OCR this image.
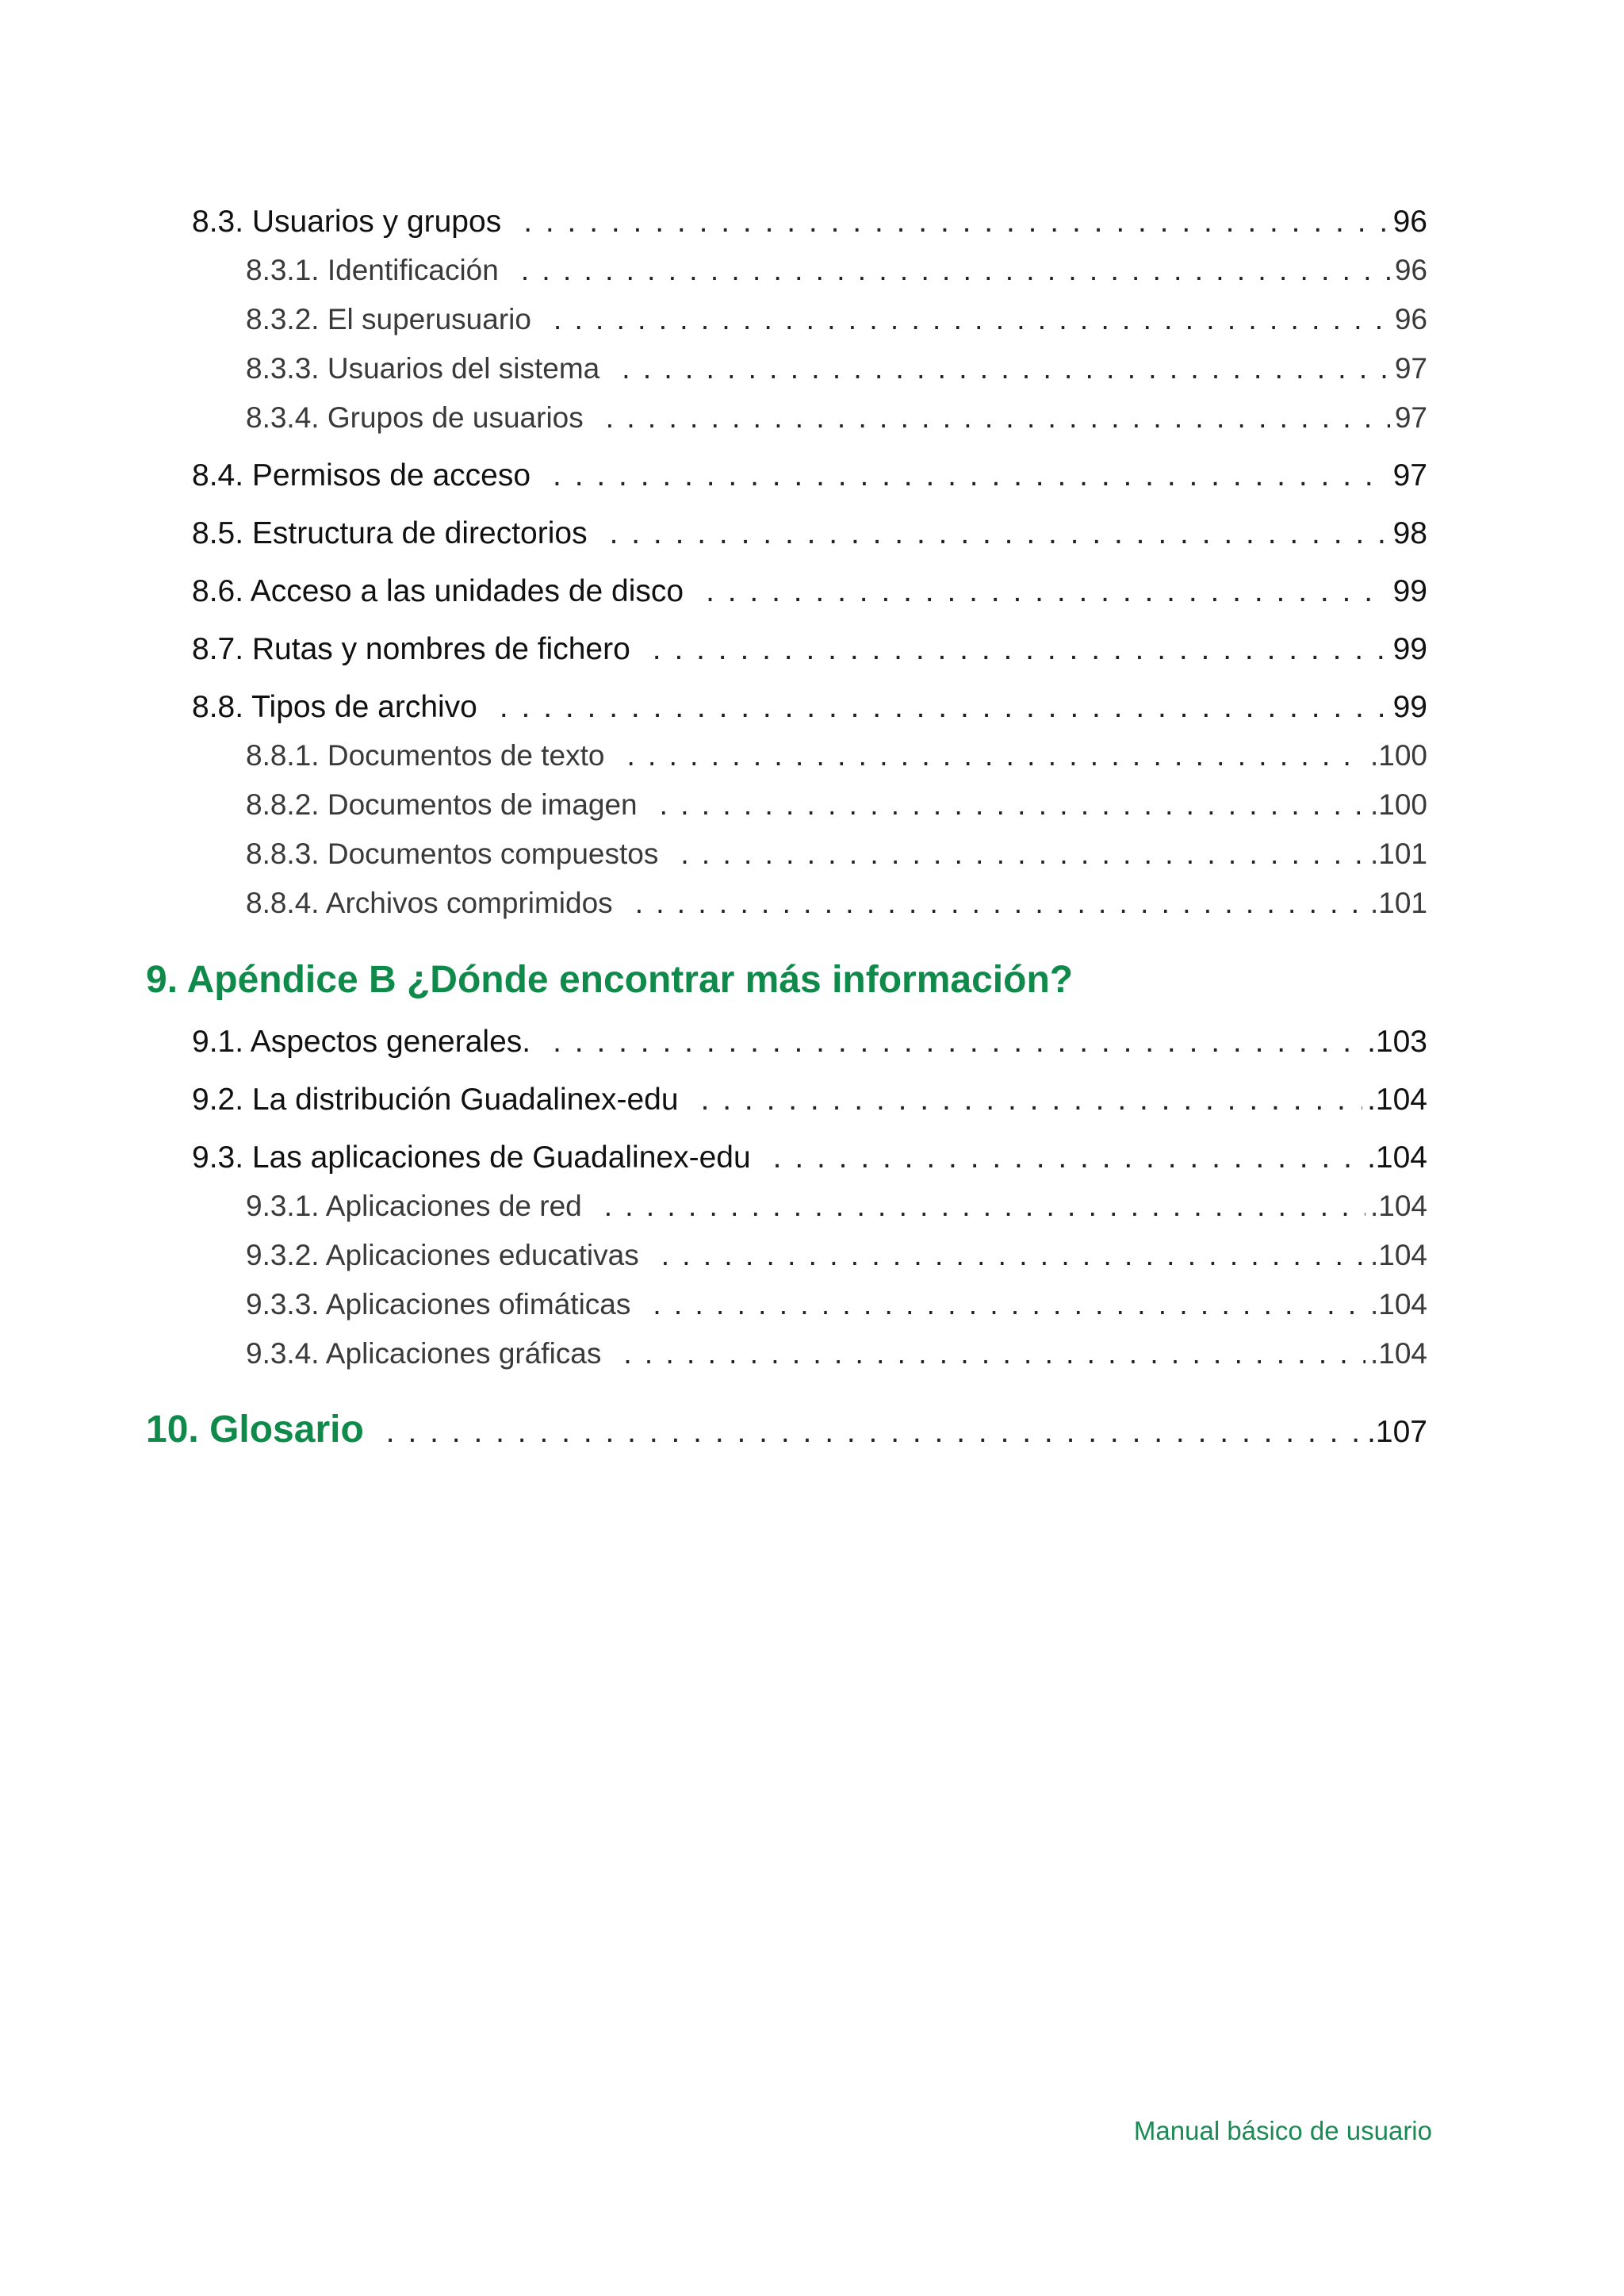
8.3. Usuarios y grupos . . .	96
8.3.1. Identificación . . .	96
8.3.2. El superusuario . . .	96
8.3.3. Usuarios del sistema . . .	97
8.3.4. Grupos de usuarios . . .	97
8.4. Permisos de acceso . . .	97
8.5. Estructura de directorios . . .	98
8.6. Acceso a las unidades de disco . . .	99
8.7. Rutas y nombres de fichero . . .	99
8.8. Tipos de archivo . . .	99
8.8.1. Documentos de texto . . .	.100
8.8.2. Documentos de imagen . . .	.100
8.8.3. Documentos compuestos . . .	.101
8.8.4. Archivos comprimidos . . .	.101
9. Apéndice B ¿Dónde encontrar más información?
9.1. Aspectos generales. . . .	.103
9.2. La distribución Guadalinex-edu . . .	.104
9.3. Las aplicaciones de Guadalinex-edu . . .	.104
9.3.1. Aplicaciones de red . . .	.104
9.3.2. Aplicaciones educativas . . .	.104
9.3.3. Aplicaciones ofimáticas . . .	.104
9.3.4. Aplicaciones gráficas . . .	.104
10. Glosario . . .	.107
Manual básico de usuario
